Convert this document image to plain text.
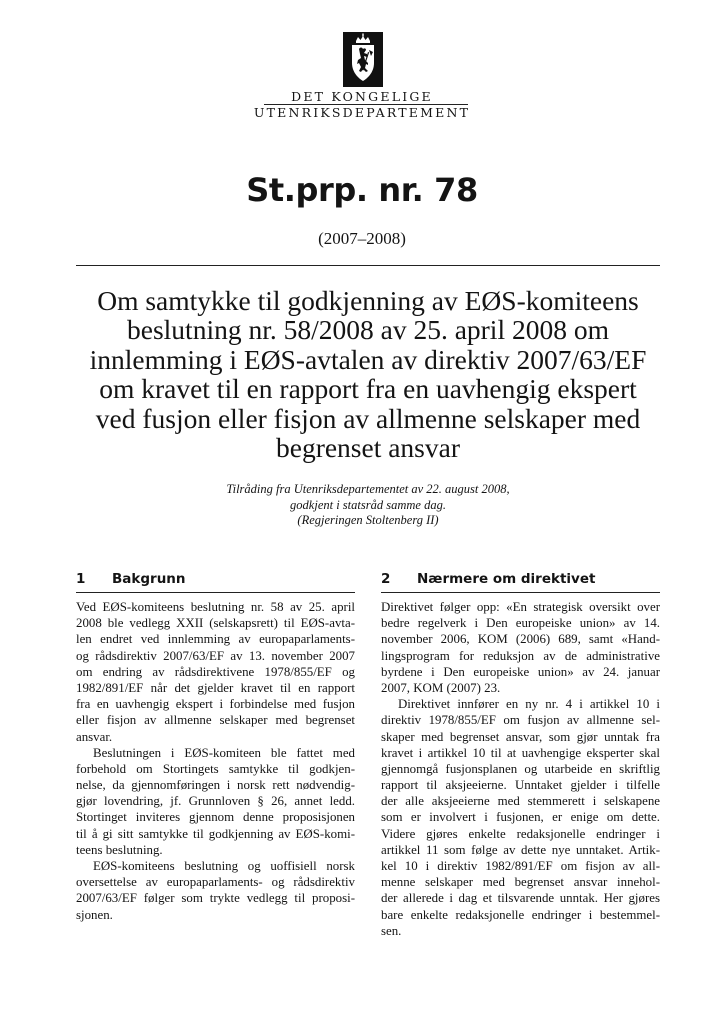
DET KONGELIGE
UTENRIKSDEPARTEMENT
St.prp. nr. 78
(2007–2008)
Om samtykke til godkjenning av EØS-komiteens
beslutning nr. 58/2008 av 25. april 2008 om
innlemming i EØS-avtalen av direktiv 2007/63/EF
om kravet til en rapport fra en uavhengig ekspert
ved fusjon eller fisjon av allmenne selskaper med
begrenset ansvar
Tilråding fra Utenriksdepartementet av 22. august 2008,
godkjent i statsråd samme dag.
(Regjeringen Stoltenberg II)
1 Bakgrunn

Ved EØS-komiteens beslutning nr. 58 av 25. april

2008 ble vedlegg XXII (selskapsrett) til EØS-avta-

len endret ved innlemming av europaparlaments-

og rådsdirektiv 2007/63/EF av 13. november 2007

om endring av rådsdirektivene 1978/855/EF og

1982/891/EF når det gjelder kravet til en rapport

fra en uavhengig ekspert i forbindelse med fusjon

eller fisjon av allmenne selskaper med begrenset

ansvar.

Beslutningen i EØS-komiteen ble fattet med

forbehold om Stortingets samtykke til godkjen-

nelse, da gjennomføringen i norsk rett nødvendig-

gjør lovendring, jf. Grunnloven § 26, annet ledd.

Stortinget inviteres gjennom denne proposisjonen

til å gi sitt samtykke til godkjenning av EØS-komi-

teens beslutning.

EØS-komiteens beslutning og uoffisiell norsk

oversettelse av europaparlaments- og rådsdirektiv

2007/63/EF følger som trykte vedlegg til proposi-

sjonen.

2 Nærmere om direktivet

Direktivet følger opp: «En strategisk oversikt over

bedre regelverk i Den europeiske union» av 14.

november 2006, KOM (2006) 689, samt «Hand-

lingsprogram for reduksjon av de administrative

byrdene i Den europeiske union» av 24. januar

2007, KOM (2007) 23.

Direktivet innfører en ny nr. 4 i artikkel 10 i

direktiv 1978/855/EF om fusjon av allmenne sel-

skaper med begrenset ansvar, som gjør unntak fra

kravet i artikkel 10 til at uavhengige eksperter skal

gjennomgå fusjonsplanen og utarbeide en skriftlig

rapport til aksjeeierne. Unntaket gjelder i tilfelle

der alle aksjeeierne med stemmerett i selskapene

som er involvert i fusjonen, er enige om dette.

Videre gjøres enkelte redaksjonelle endringer i

artikkel 11 som følge av dette nye unntaket. Artik-

kel 10 i direktiv 1982/891/EF om fisjon av all-

menne selskaper med begrenset ansvar innehol-

der allerede i dag et tilsvarende unntak. Her gjøres

bare enkelte redaksjonelle endringer i bestemmel-

sen.
